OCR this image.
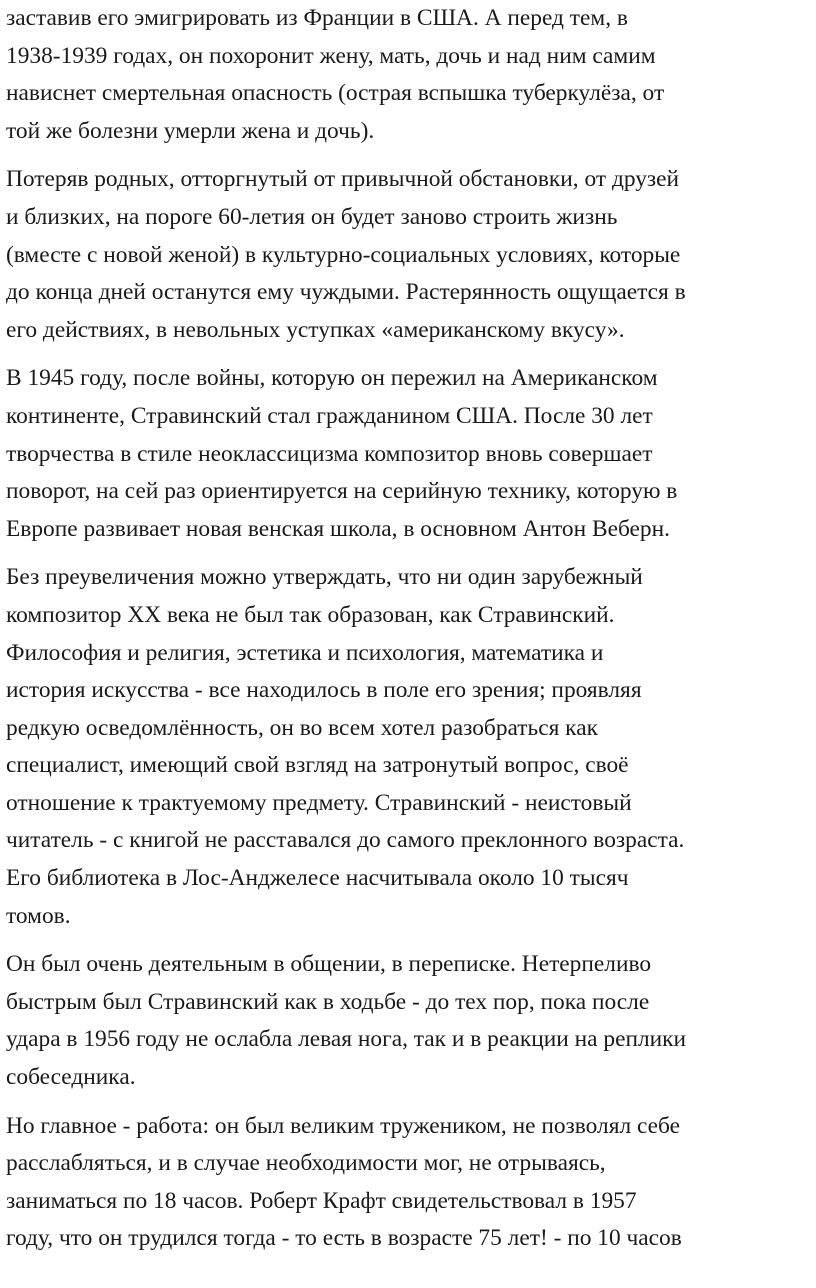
заставив его эмигрировать из Франции в США. А перед тем, в
1938-1939 годах, он похоронит жену, мать, дочь и над ним самим
нависнет смертельная опасность (острая вспышка туберкулёза, от
той же болезни умерли жена и дочь).

Потеряв родных, отторгнутый от привычной обстановки, от друзей
и близких, на пороге 60-летия он будет заново строить жизнь
(вместе с новой женой) в культурно-социальных условиях, которые
до конца дней останутся ему чуждыми. Растерянность ощущается в
его действиях, в невольных уступках «американскому вкусу».

В 1945 году, после войны, которую он пережил на Американском
континенте, Стравинский стал гражданином США. После 30 лет
творчества в стиле неоклассицизма композитор вновь совершает
поворот, на сей раз ориентируется на серийную технику, которую в
Европе развивает новая венская школа, в основном Антон Веберн.

Без преувеличения можно утверждать, что ни один зарубежный
композитор XX века не был так образован, как Стравинский.
Философия и религия, эстетика и психология, математика и
история искусства - все находилось в поле его зрения; проявляя
редкую осведомлённость, он во всем хотел разобраться как
специалист, имеющий свой взгляд на затронутый вопрос, своё
отношение к трактуемому предмету. Стравинский - неистовый
читатель - с книгой не расставался до самого преклонного возраста.
Его библиотека в Лос-Анджелесе насчитывала около 10 тысяч
томов.

Он был очень деятельным в общении, в переписке. Нетерпеливо
быстрым был Стравинский как в ходьбе - до тех пор, пока после
удара в 1956 году не ослабла левая нога, так и в реакции на реплики
собеседника.

Но главное - работа: он был великим тружеником, не позволял себе
расслабляться, и в случае необходимости мог, не отрываясь,
заниматься по 18 часов. Роберт Крафт свидетельствовал в 1957
году, что он трудился тогда - то есть в возрасте 75 лет! - по 10 часов
